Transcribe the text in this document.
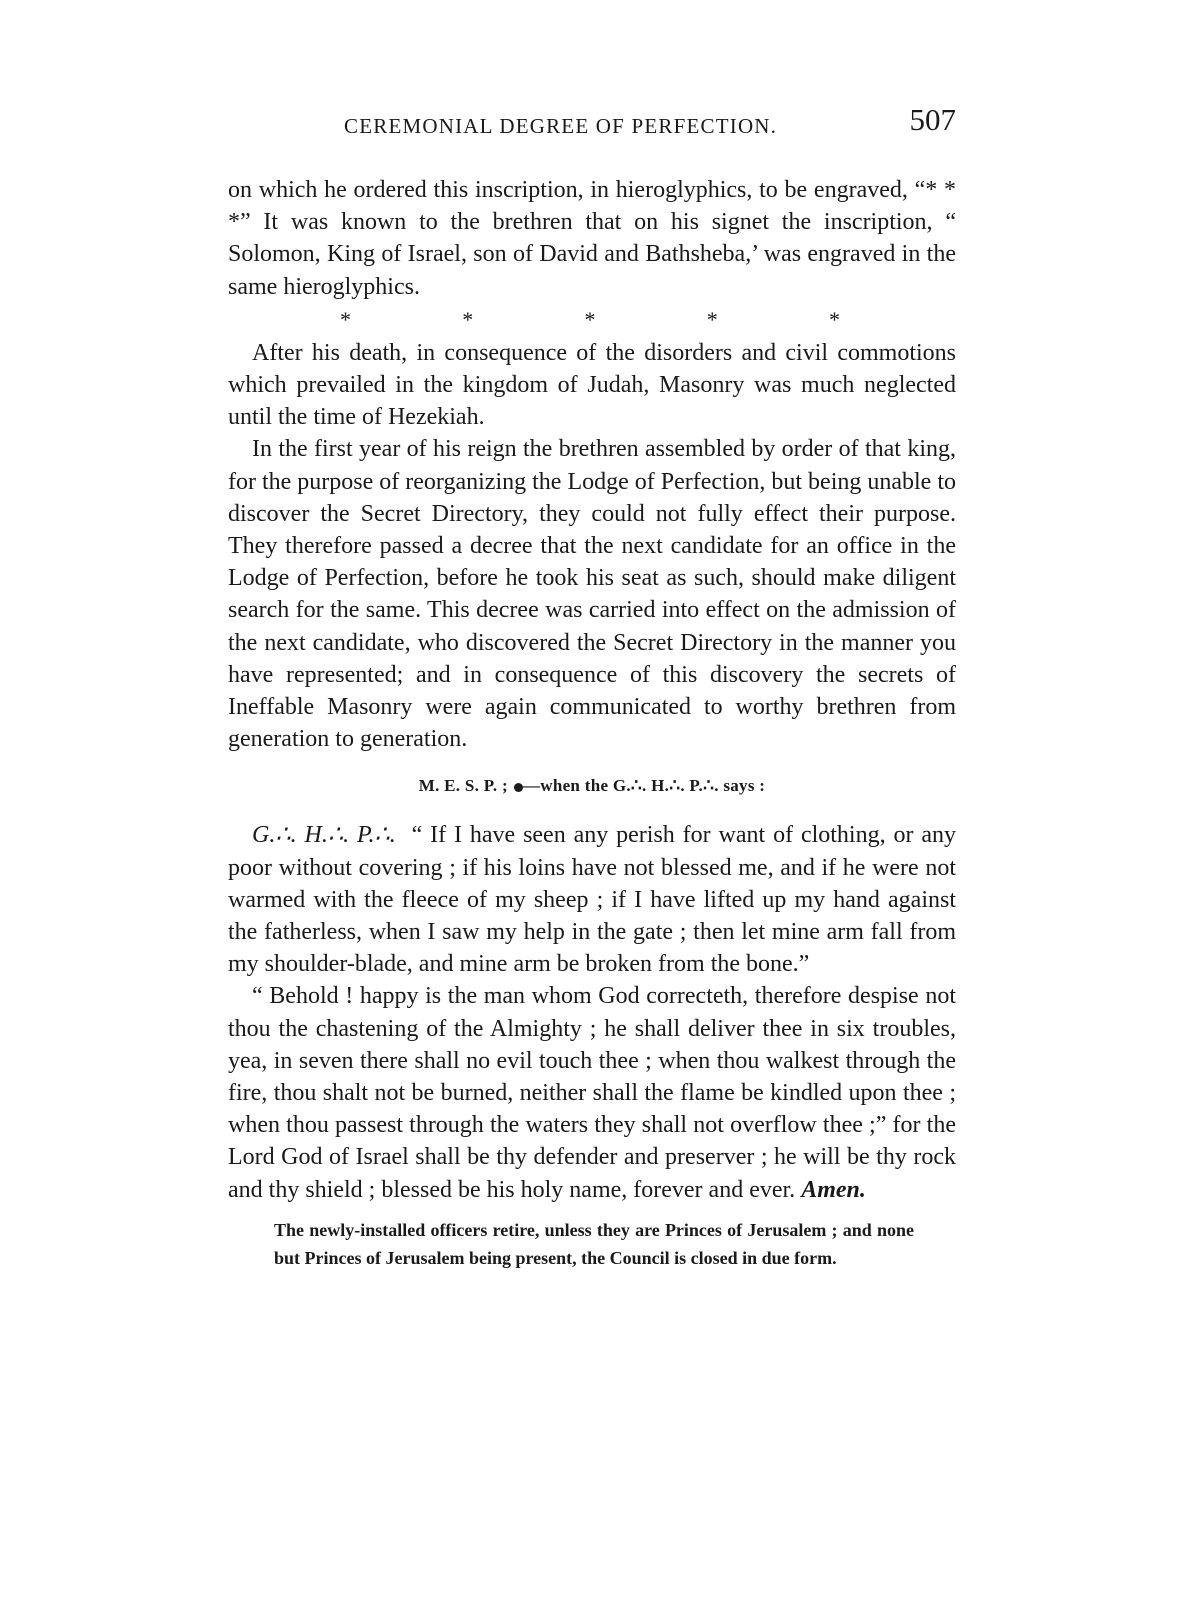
CEREMONIAL DEGREE OF PERFECTION.	507

on which he ordered this inscription, in hieroglyphics, to be engraved, “* * *” It was known to the brethren that on his signet the inscription, “ Solomon, King of Israel, son of David and Bathsheba,’ was engraved in the same hieroglyphics.

*	*	*	*	*

After his death, in consequence of the disorders and civil commotions which prevailed in the kingdom of Judah, Masonry was much neglected until the time of Hezekiah.

In the first year of his reign the brethren assembled by order of that king, for the purpose of reorganizing the Lodge of Perfection, but being unable to discover the Secret Directory, they could not fully effect their purpose. They therefore passed a decree that the next candidate for an office in the Lodge of Perfection, before he took his seat as such, should make diligent search for the same. This decree was carried into effect on the admission of the next candidate, who discovered the Secret Directory in the manner you have represented; and in consequence of this discovery the secrets of Ineffable Masonry were again communicated to worthy brethren from generation to generation.

M. E. S. P. ; —when the G.∴. H.∴. P.∴. says :

G.∴. H.∴. P.∴. “ If I have seen any perish for want of clothing, or any poor without covering ; if his loins have not blessed me, and if he were not warmed with the fleece of my sheep ; if I have lifted up my hand against the fatherless, when I saw my help in the gate ; then let mine arm fall from my shoulder-blade, and mine arm be broken from the bone.”

“ Behold ! happy is the man whom God correcteth, therefore despise not thou the chastening of the Almighty ; he shall deliver thee in six troubles, yea, in seven there shall no evil touch thee ; when thou walkest through the fire, thou shalt not be burned, neither shall the flame be kindled upon thee ; when thou passest through the waters they shall not overflow thee ;” for the Lord God of Israel shall be thy defender and preserver ; he will be thy rock and thy shield ; blessed be his holy name, forever and ever. Amen.

The newly-installed officers retire, unless they are Princes of Jerusalem ; and none but Princes of Jerusalem being present, the Council is closed in due form.
